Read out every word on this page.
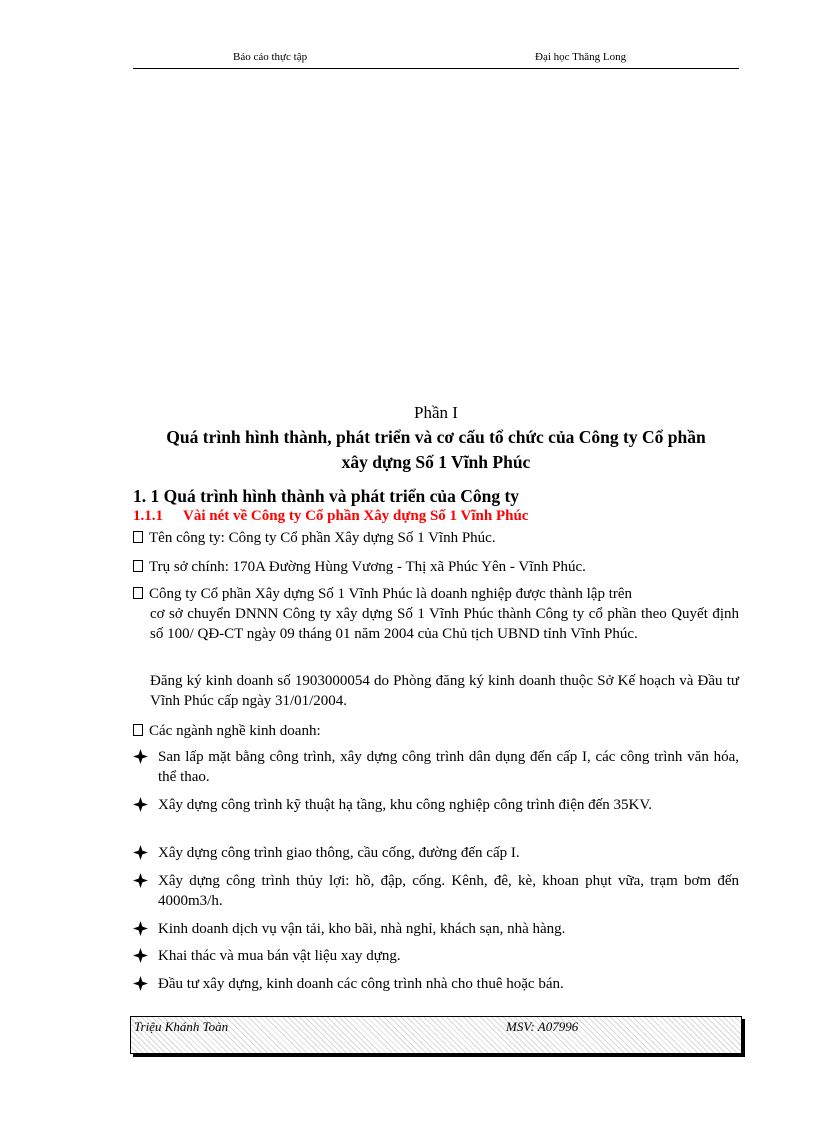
Báo cáo thực tập	Đại học Thăng Long
Phần I
Quá trình hình thành, phát triển và cơ cấu tổ chức của Công ty Cổ phần
xây dựng Số 1 Vĩnh Phúc
1. 1 Quá trình hình thành và phát triển của Công ty
1.1.1 Vài nét về Công ty Cổ phần Xây dựng Số 1 Vĩnh Phúc
Tên công ty: Công ty Cổ phần Xây dựng Số 1 Vĩnh Phúc.
Trụ sở chính: 170A Đường Hùng Vương - Thị xã Phúc Yên - Vĩnh Phúc.
Công ty Cổ phần Xây dựng Số 1 Vĩnh Phúc là doanh nghiệp được thành lập trên
cơ sở chuyển DNNN Công ty xây dựng Số 1 Vĩnh Phúc thành Công ty cổ phần theo Quyết định số 100/ QĐ-CT ngày 09 tháng 01 năm 2004 của Chủ tịch UBND tỉnh Vĩnh Phúc.
Đăng ký kinh doanh số 1903000054 do Phòng đăng ký kinh doanh thuộc Sở Kế hoạch và Đầu tư Vĩnh Phúc cấp ngày 31/01/2004.
Các ngành nghề kinh doanh:
San lấp mặt bằng công trình, xây dựng công trình dân dụng đến cấp I, các công trình văn hóa, thể thao.
Xây dựng công trình kỹ thuật hạ tầng, khu công nghiệp công trình điện đến 35KV.
Xây dựng công trình giao thông, cầu cống, đường đến cấp I.
Xây dựng công trình thủy lợi: hồ, đập, cống. Kênh, đê, kè, khoan phụt vữa, trạm bơm đến 4000m3/h.
Kinh doanh dịch vụ vận tải, kho bãi, nhà nghỉ, khách sạn, nhà hàng.
Khai thác và mua bán vật liệu xay dựng.
Đầu tư xây dựng, kinh doanh các công trình nhà cho thuê hoặc bán.
Triệu Khánh Toàn	MSV: A07996
